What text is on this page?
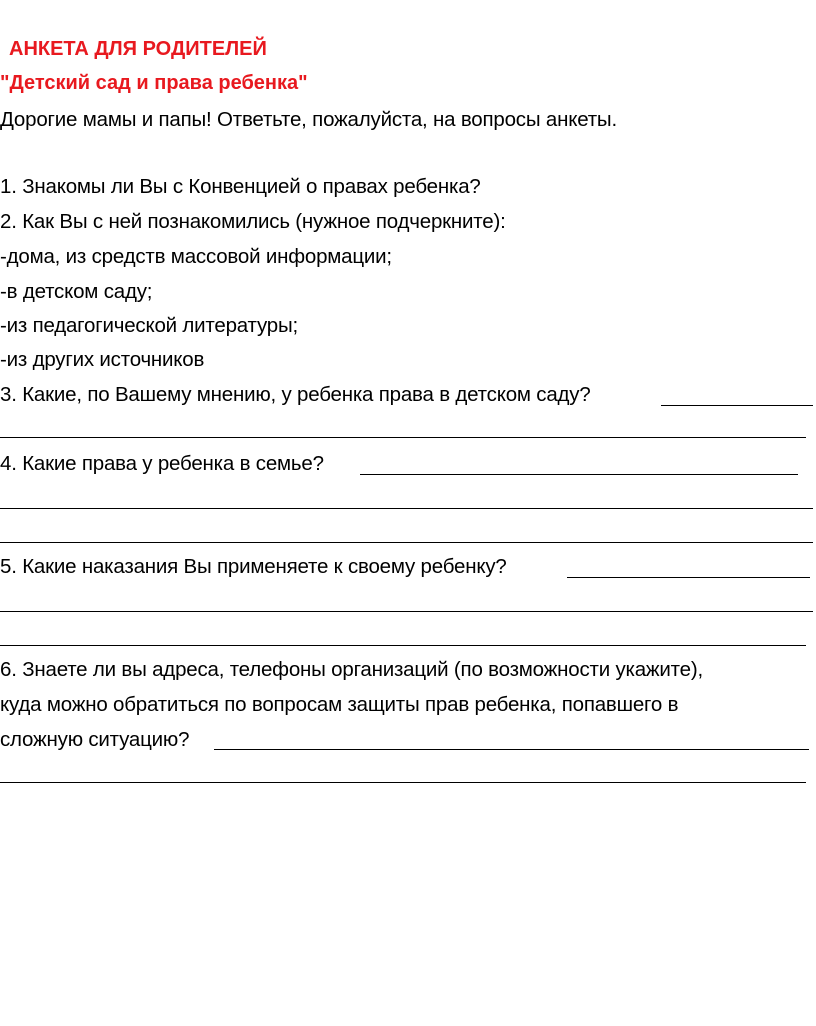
АНКЕТА ДЛЯ РОДИТЕЛЕЙ
"Детский сад и права ребенка"
Дорогие мамы и папы! Ответьте, пожалуйста, на вопросы анкеты.
1. Знакомы ли Вы с Конвенцией о правах ребенка?
2. Как Вы с ней познакомились (нужное подчеркните):
-дома, из средств массовой информации;
-в детском саду;
-из педагогической литературы;
-из других источников
3. Какие, по Вашему мнению, у ребенка права в детском саду?
4. Какие права у ребенка в семье?
5. Какие наказания Вы применяете к своему ребенку?
6. Знаете ли вы адреса, телефоны организаций (по возможности укажите),
куда можно обратиться по вопросам защиты прав ребенка, попавшего в
сложную ситуацию?
